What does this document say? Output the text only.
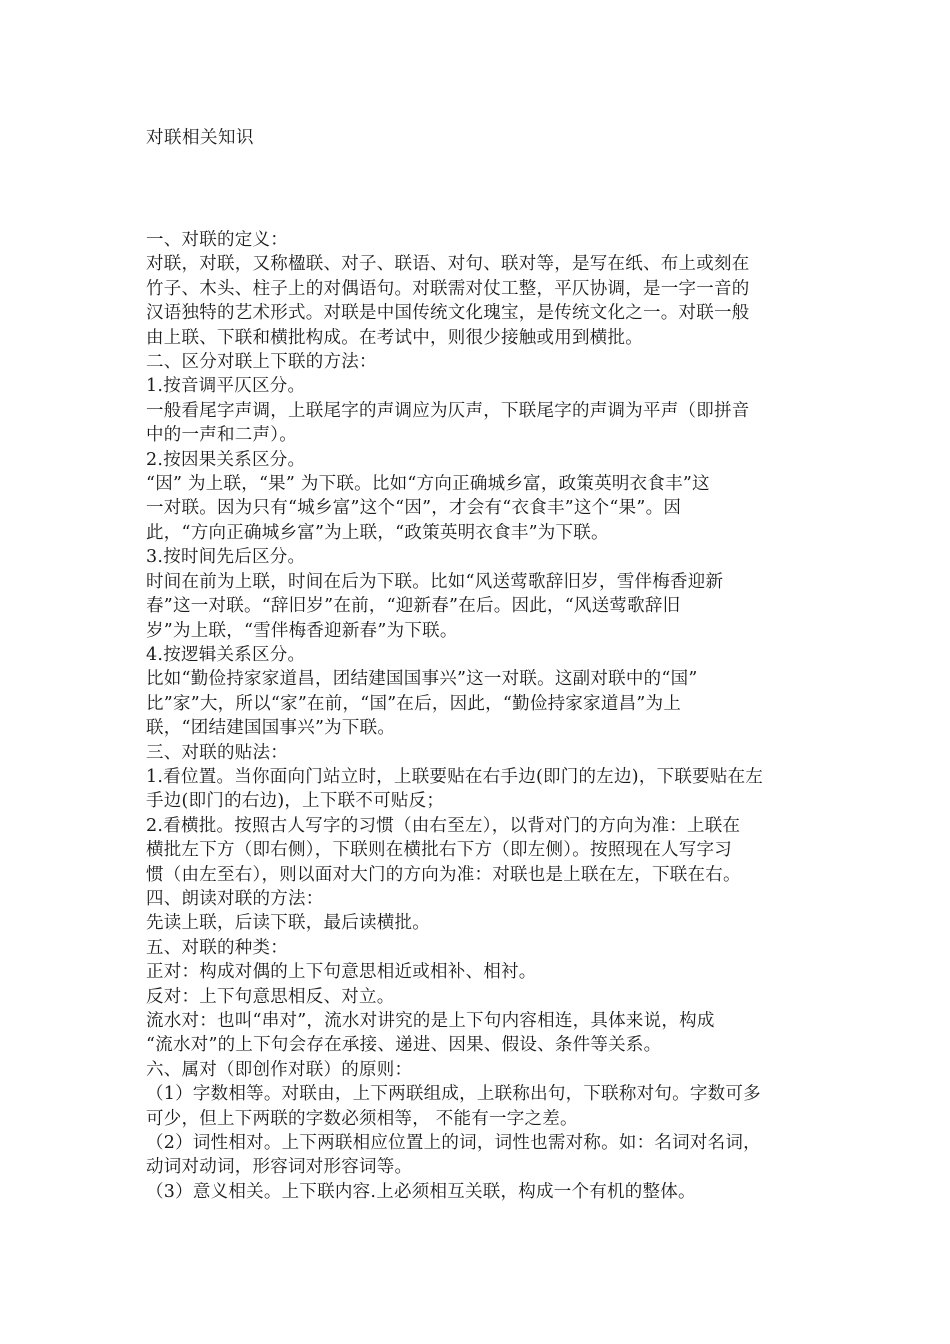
对联相关知识
一、对联的定义：
对联，对联，又称楹联、对子、联语、对句、联对等，是写在纸、布上或刻在
竹子、木头、柱子上的对偶语句。对联需对仗工整，平仄协调，是一字一音的
汉语独特的艺术形式。对联是中国传统文化瑰宝，是传统文化之一。对联一般
由上联、下联和横批构成。在考试中，则很少接触或用到横批。
二、区分对联上下联的方法：
1.按音调平仄区分。
一般看尾字声调，上联尾字的声调应为仄声，下联尾字的声调为平声（即拼音
中的一声和二声）。
2.按因果关系区分。
“因” 为上联，“果” 为下联。比如“方向正确城乡富，政策英明衣食丰”这
一对联。因为只有“城乡富”这个“因”，才会有“衣食丰”这个“果”。因
此，“方向正确城乡富”为上联，“政策英明衣食丰”为下联。
3.按时间先后区分。
时间在前为上联，时间在后为下联。比如“风送莺歌辞旧岁，雪伴梅香迎新
春”这一对联。“辞旧岁”在前，“迎新春”在后。因此，“风送莺歌辞旧
岁”为上联，“雪伴梅香迎新春”为下联。
4.按逻辑关系区分。
比如“勤俭持家家道昌，团结建国国事兴”这一对联。这副对联中的“国”
比”家”大，所以“家”在前，“国”在后，因此，“勤俭持家家道昌”为上
联，“团结建国国事兴”为下联。
三、对联的贴法：
1.看位置。当你面向门站立时，上联要贴在右手边(即门的左边)，下联要贴在左
手边(即门的右边)，上下联不可贴反；
2.看横批。按照古人写字的习惯（由右至左），以背对门的方向为准：上联在
横批左下方（即右侧），下联则在横批右下方（即左侧）。按照现在人写字习
惯（由左至右），则以面对大门的方向为准：对联也是上联在左，下联在右。
四、朗读对联的方法：
先读上联，后读下联，最后读横批。
五、对联的种类：
正对：构成对偶的上下句意思相近或相补、相衬。
反对：上下句意思相反、对立。
流水对：也叫“串对”，流水对讲究的是上下句内容相连，具体来说，构成
“流水对”的上下句会存在承接、递进、因果、假设、条件等关系。
六、属对（即创作对联）的原则：
（1）字数相等。对联由，上下两联组成，上联称出句，下联称对句。字数可多
可少，但上下两联的字数必须相等， 不能有一字之差。
（2）词性相对。上下两联相应位置上的词，词性也需对称。如：名词对名词，
动词对动词，形容词对形容词等。
（3）意义相关。上下联内容.上必须相互关联，构成一个有机的整体。
